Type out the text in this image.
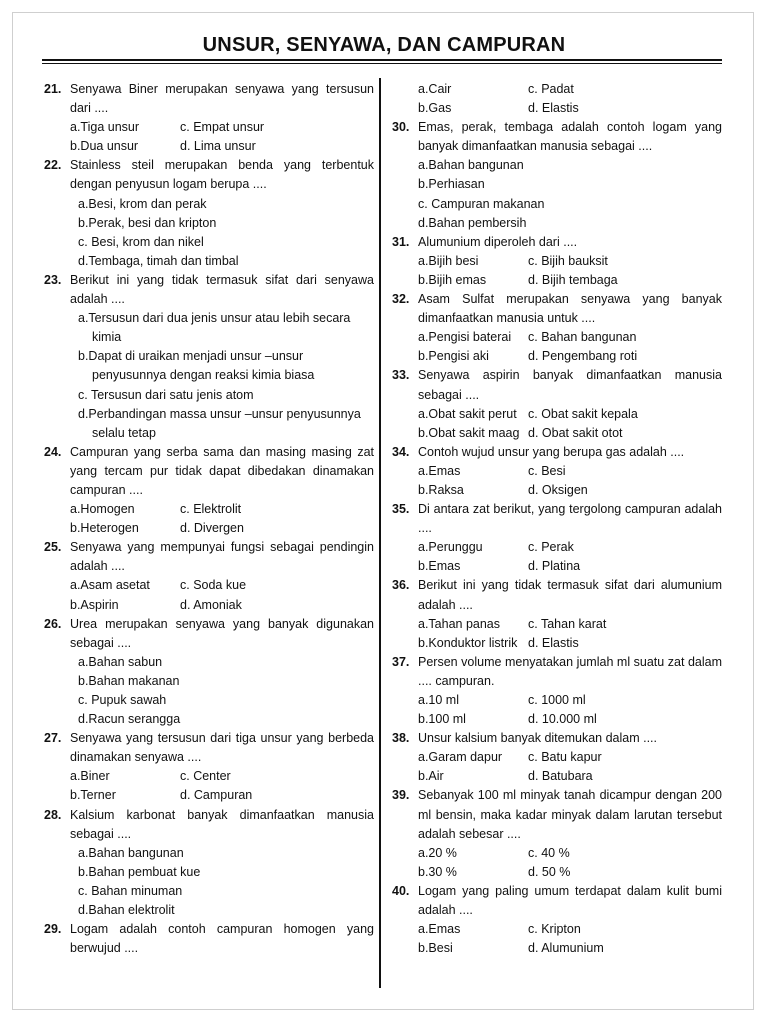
UNSUR, SENYAWA, DAN CAMPURAN
21. Senyawa Biner merupakan senyawa yang tersusun dari ....
a.Tiga unsur	c. Empat unsur
b.Dua unsur	d. Lima unsur
22. Stainless steil merupakan benda yang terbentuk dengan penyusun logam berupa ....
a.Besi, krom dan perak
b.Perak, besi dan kripton
c. Besi, krom dan nikel
d.Tembaga, timah dan timbal
23. Berikut ini yang tidak termasuk sifat dari senyawa adalah ....
a.Tersusun dari dua jenis unsur atau lebih secara kimia
b.Dapat di uraikan menjadi unsur –unsur penyusunnya dengan reaksi kimia biasa
c. Tersusun dari satu jenis atom
d.Perbandingan massa unsur –unsur penyusunnya selalu tetap
24. Campuran yang serba sama dan masing masing zat yang tercam pur tidak dapat dibedakan dinamakan campuran ....
a.Homogen	c. Elektrolit
b.Heterogen	d. Divergen
25. Senyawa yang mempunyai fungsi sebagai pendingin adalah ....
a.Asam asetat	c. Soda kue
b.Aspirin	d. Amoniak
26. Urea merupakan senyawa yang banyak digunakan sebagai ....
a.Bahan sabun
b.Bahan makanan
c. Pupuk sawah
d.Racun serangga
27. Senyawa yang tersusun dari tiga unsur yang berbeda dinamakan senyawa ....
a.Biner	c. Center
b.Terner	d. Campuran
28. Kalsium karbonat banyak dimanfaatkan manusia sebagai ....
a.Bahan bangunan
b.Bahan pembuat kue
c. Bahan minuman
d.Bahan elektrolit
29. Logam adalah contoh campuran homogen yang berwujud ....
a.Cair	c. Padat
b.Gas	d. Elastis
30. Emas, perak, tembaga adalah contoh logam yang banyak dimanfaatkan manusia sebagai ....
a.Bahan bangunan
b.Perhiasan
c. Campuran makanan
d.Bahan pembersih
31. Alumunium diperoleh dari ....
a.Bijih besi	c. Bijih bauksit
b.Bijih emas	d. Bijih tembaga
32. Asam Sulfat merupakan senyawa yang banyak dimanfaatkan manusia untuk ....
a.Pengisi baterai	c. Bahan bangunan
b.Pengisi aki	d. Pengembang roti
33. Senyawa aspirin banyak dimanfaatkan manusia sebagai ....
a.Obat sakit perut c. Obat sakit kepala
b.Obat sakit maag d. Obat sakit otot
34. Contoh wujud unsur yang berupa gas adalah ....
a.Emas	c. Besi
b.Raksa	d. Oksigen
35. Di antara zat berikut, yang tergolong campuran adalah ....
a.Perunggu	c. Perak
b.Emas	d. Platina
36. Berikut ini yang tidak termasuk sifat dari alumunium adalah ....
a.Tahan panas	c. Tahan karat
b.Konduktor listrik d. Elastis
37. Persen volume menyatakan jumlah ml suatu zat dalam .... campuran.
a.10 ml	c. 1000 ml
b.100 ml	d. 10.000 ml
38. Unsur kalsium banyak ditemukan dalam ....
a.Garam dapur	c. Batu kapur
b.Air	d. Batubara
39. Sebanyak 100 ml minyak tanah dicampur dengan 200 ml bensin, maka kadar minyak dalam larutan tersebut adalah sebesar ....
a.20 %	c. 40 %
b.30 %	d. 50 %
40. Logam yang paling umum terdapat dalam kulit bumi adalah ....
a.Emas	c. Kripton
b.Besi	d. Alumunium
